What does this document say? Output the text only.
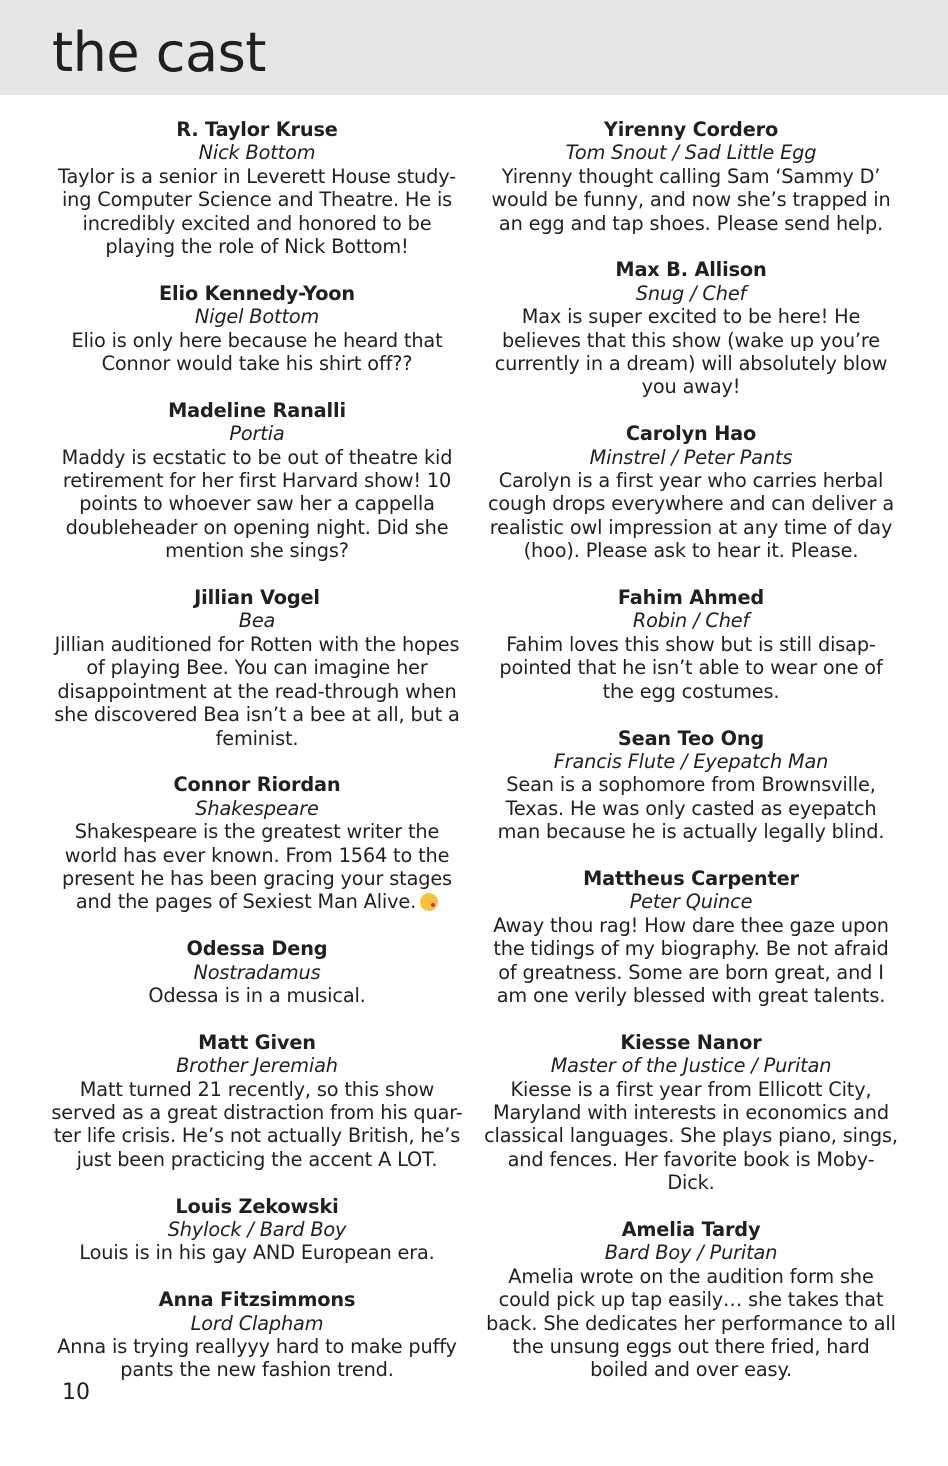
the cast
R. Taylor Kruse
Nick Bottom
Taylor is a senior in Leverett House study-ing Computer Science and Theatre. He is incredibly excited and honored to be playing the role of Nick Bottom!
Elio Kennedy-Yoon
Nigel Bottom
Elio is only here because he heard that Connor would take his shirt off??
Madeline Ranalli
Portia
Maddy is ecstatic to be out of theatre kid retirement for her first Harvard show! 10 points to whoever saw her a cappella doubleheader on opening night. Did she mention she sings?
Jillian Vogel
Bea
Jillian auditioned for Rotten with the hopes of playing Bee. You can imagine her disappointment at the read-through when she discovered Bea isn’t a bee at all, but a feminist.
Connor Riordan
Shakespeare
Shakespeare is the greatest writer the world has ever known. From 1564 to the present he has been gracing your stages and the pages of Sexiest Man Alive.
Odessa Deng
Nostradamus
Odessa is in a musical.
Matt Given
Brother Jeremiah
Matt turned 21 recently, so this show served as a great distraction from his quar-ter life crisis. He’s not actually British, he’s just been practicing the accent A LOT.
Louis Zekowski
Shylock / Bard Boy
Louis is in his gay AND European era.
Anna Fitzsimmons
Lord Clapham
Anna is trying reallyyy hard to make puffy pants the new fashion trend.
Yirenny Cordero
Tom Snout / Sad Little Egg
Yirenny thought calling Sam ‘Sammy D’ would be funny, and now she’s trapped in an egg and tap shoes. Please send help.
Max B. Allison
Snug / Chef
Max is super excited to be here! He believes that this show (wake up you’re currently in a dream) will absolutely blow you away!
Carolyn Hao
Minstrel / Peter Pants
Carolyn is a first year who carries herbal cough drops everywhere and can deliver a realistic owl impression at any time of day (hoo). Please ask to hear it. Please.
Fahim Ahmed
Robin / Chef
Fahim loves this show but is still disap-pointed that he isn’t able to wear one of the egg costumes.
Sean Teo Ong
Francis Flute / Eyepatch Man
Sean is a sophomore from Brownsville, Texas. He was only casted as eyepatch man because he is actually legally blind.
Mattheus Carpenter
Peter Quince
Away thou rag! How dare thee gaze upon the tidings of my biography. Be not afraid of greatness. Some are born great, and I am one verily blessed with great talents.
Kiesse Nanor
Master of the Justice / Puritan
Kiesse is a first year from Ellicott City, Maryland with interests in economics and classical languages. She plays piano, sings, and fences. Her favorite book is Moby-Dick.
Amelia Tardy
Bard Boy / Puritan
Amelia wrote on the audition form she could pick up tap easily… she takes that back. She dedicates her performance to all the unsung eggs out there fried, hard boiled and over easy.
10
